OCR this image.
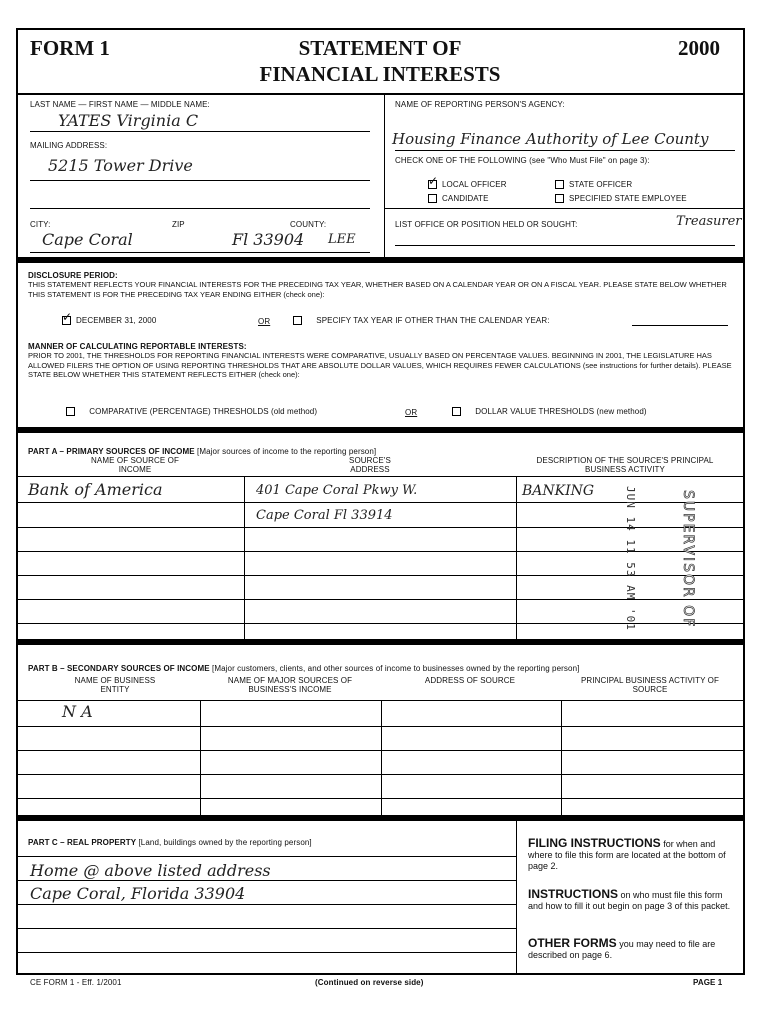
FORM 1	STATEMENT OF
FINANCIAL INTERESTS
2000
LAST NAME — FIRST NAME — MIDDLE NAME:
YATES Virginia C
MAILING ADDRESS:
5215 Tower Drive
CITY:	ZIP	COUNTY:
Cape Coral	Fl 33904 LEE
NAME OF REPORTING PERSON'S AGENCY:
Housing Finance Authority of Lee County
CHECK ONE OF THE FOLLOWING (see "Who Must File" on page 3):
✓LOCAL OFFICER	STATE OFFICER
CANDIDATE	SPECIFIED STATE EMPLOYEE
LIST OFFICE OR POSITION HELD OR SOUGHT:	Treasurer
DISCLOSURE PERIOD:
THIS STATEMENT REFLECTS YOUR FINANCIAL INTERESTS FOR THE PRECEDING TAX YEAR, WHETHER BASED ON A CALENDAR YEAR OR ON A FISCAL YEAR. PLEASE STATE BELOW WHETHER THIS STATEMENT IS FOR THE PRECEDING TAX YEAR ENDING EITHER (check one):
✓DECEMBER 31, 2000	OR	SPECIFY TAX YEAR IF OTHER THAN THE CALENDAR YEAR:
MANNER OF CALCULATING REPORTABLE INTERESTS:
PRIOR TO 2001, THE THRESHOLDS FOR REPORTING FINANCIAL INTERESTS WERE COMPARATIVE, USUALLY BASED ON PERCENTAGE VALUES. BEGINNING IN 2001, THE LEGISLATURE HAS ALLOWED FILERS THE OPTION OF USING REPORTING THRESHOLDS THAT ARE ABSOLUTE DOLLAR VALUES, WHICH REQUIRES FEWER CALCULATIONS (see instructions for further details). PLEASE STATE BELOW WHETHER THIS STATEMENT REFLECTS EITHER (check one):
COMPARATIVE (PERCENTAGE) THRESHOLDS (old method)	OR	DOLLAR VALUE THRESHOLDS (new method)
PART A – PRIMARY SOURCES OF INCOME [Major sources of income to the reporting person]
NAME OF SOURCE OF INCOME
SOURCE'S ADDRESS
DESCRIPTION OF THE SOURCE'S PRINCIPAL BUSINESS ACTIVITY
Bank of America	401 Cape Coral Pkwy W.
Cape Coral Fl 33914
BANKING	JUN 14 11 53 AM '01	SUPERVISOR OF
PART B – SECONDARY SOURCES OF INCOME [Major customers, clients, and other sources of income to businesses owned by the reporting person]
NAME OF BUSINESS ENTITY
NAME OF MAJOR SOURCES OF BUSINESS'S INCOME
ADDRESS OF SOURCE	PRINCIPAL BUSINESS ACTIVITY OF SOURCE
N A
PART C – REAL PROPERTY [Land, buildings owned by the reporting person]
Home @ above listed address
Cape Coral, Florida 33904
FILING INSTRUCTIONS for when and where to file this form are located at the bottom of page 2.
INSTRUCTIONS on who must file this form and how to fill it out begin on page 3 of this packet.
OTHER FORMS you may need to file are described on page 6.
CE FORM 1 - Eff. 1/2001	(Continued on reverse side)	PAGE 1
